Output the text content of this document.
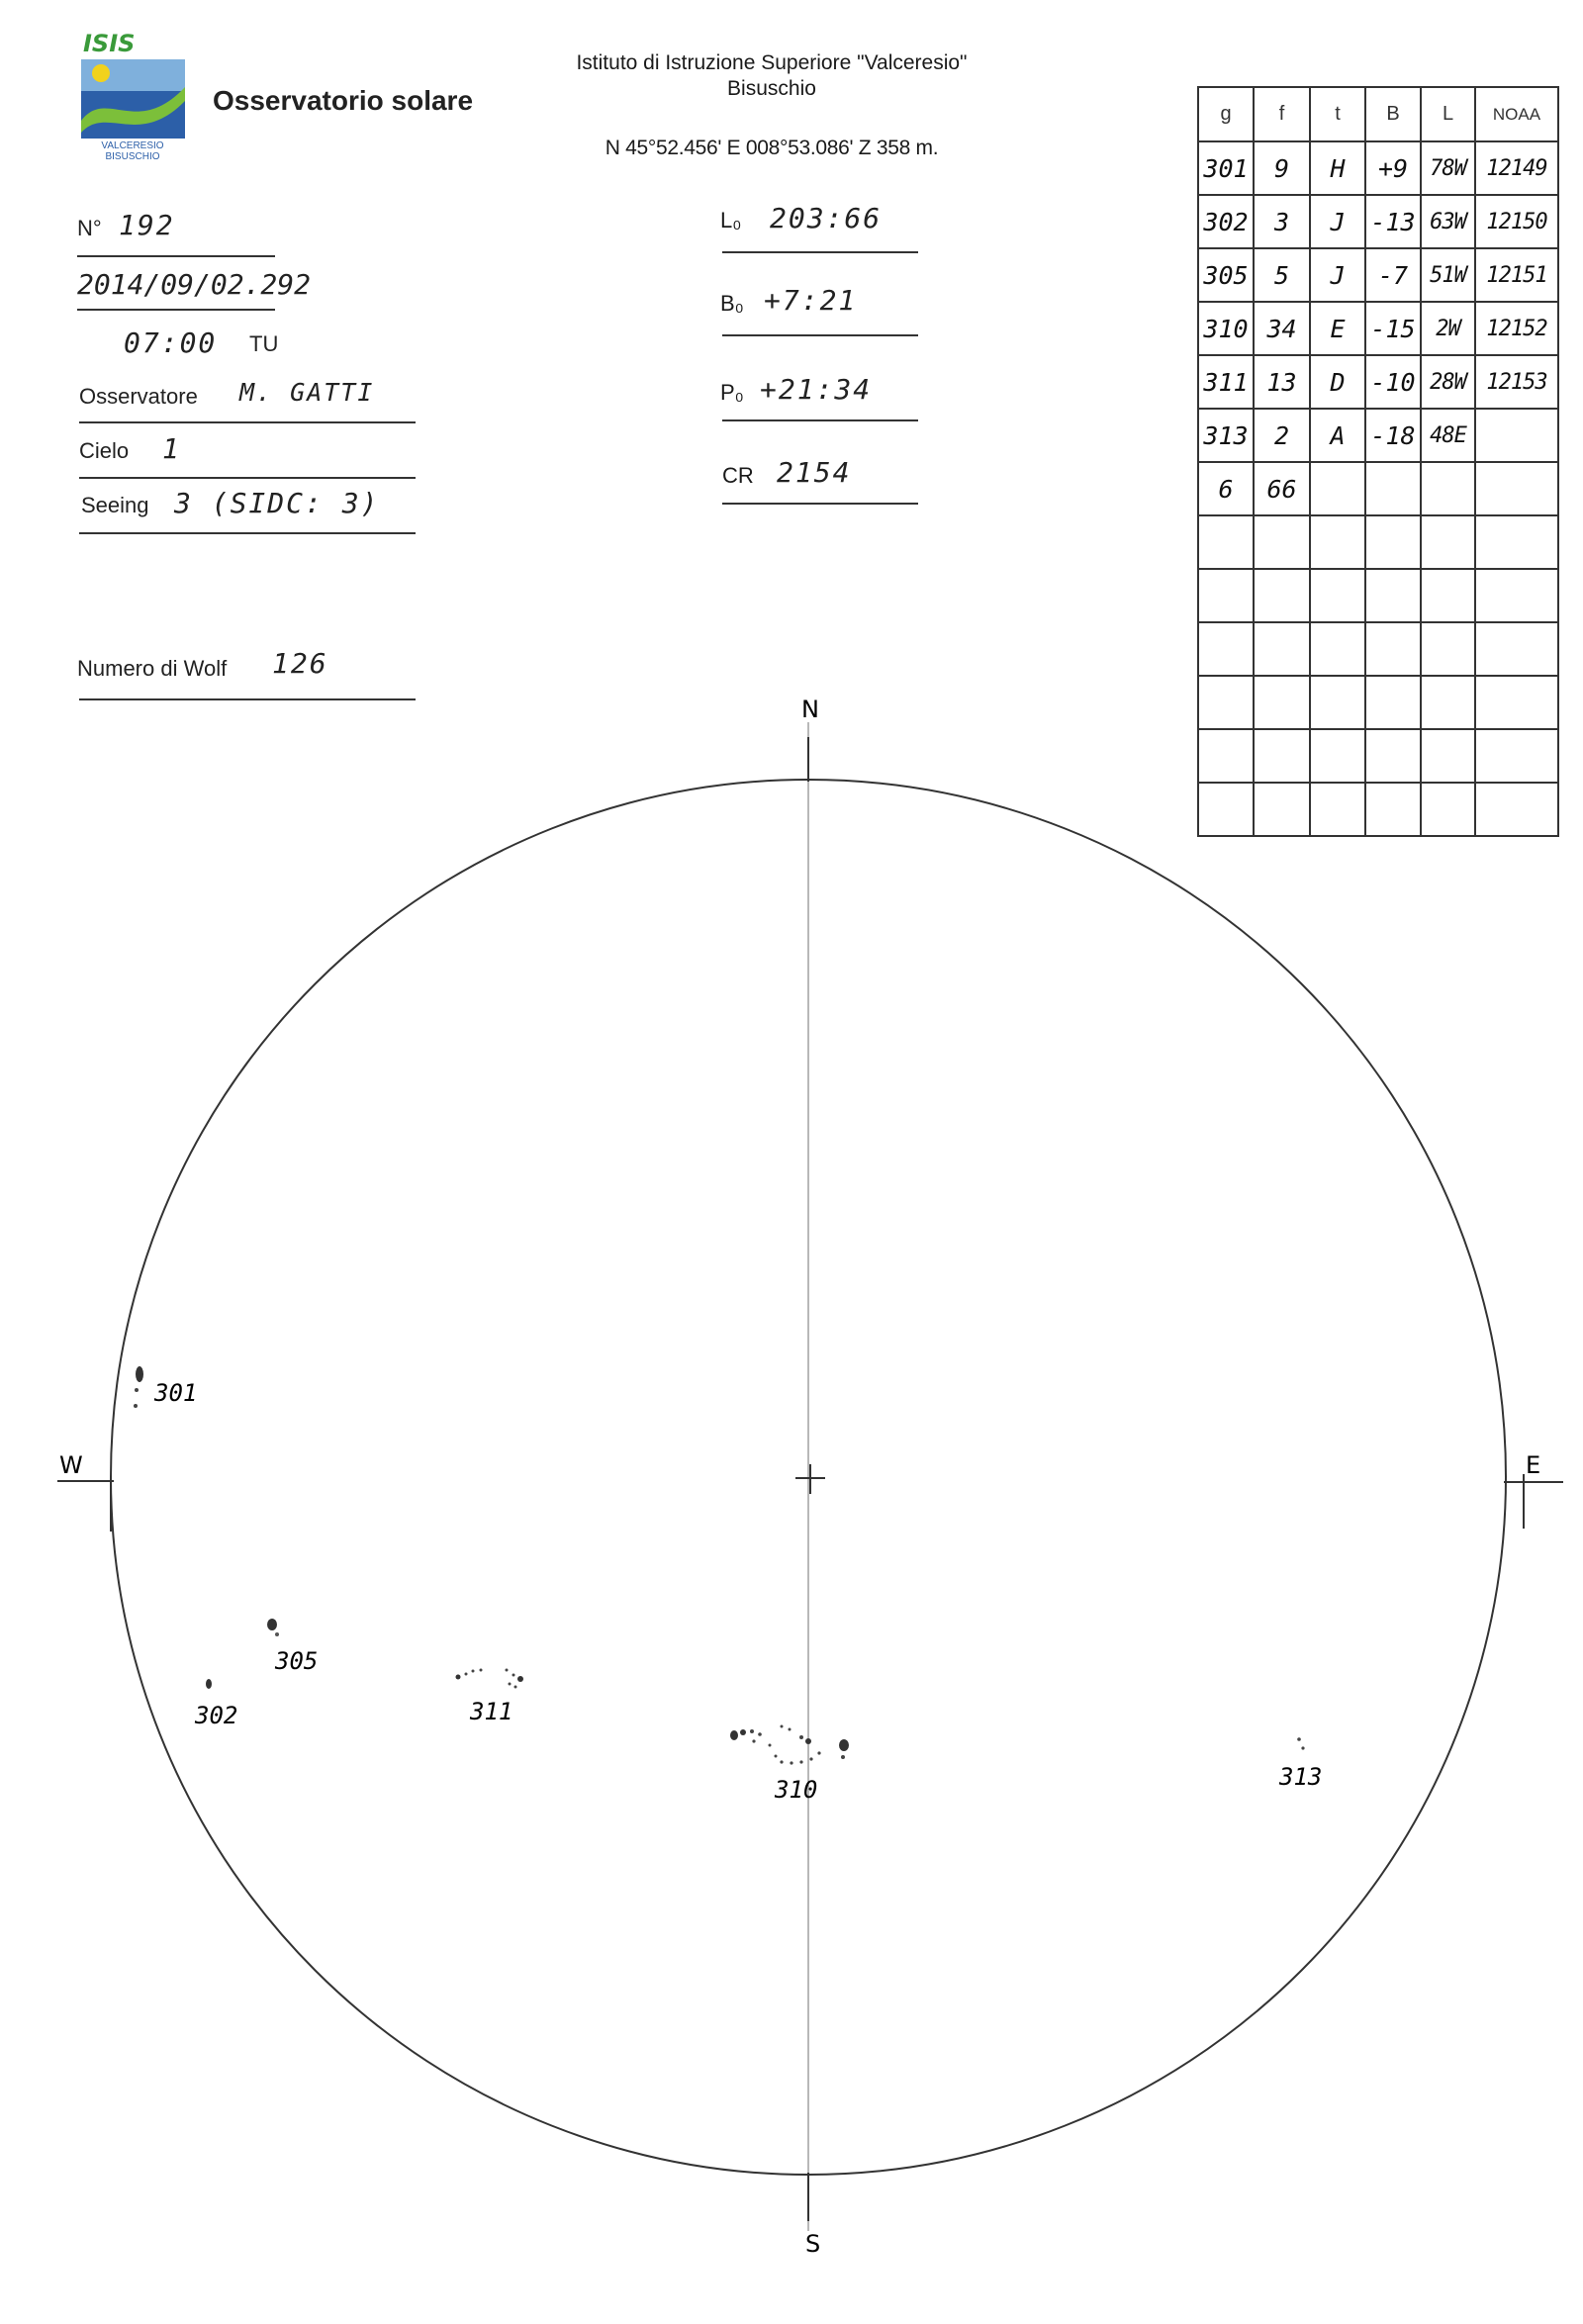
ISIS
VALCERESIO
BISUSCHIO
Osservatorio solare
Istituto di Istruzione Superiore "Valceresio"
Bisuschio
N 45°52.456' E 008°53.086' Z 358 m.
N° 192
2014/09/02.292
07:00 TU
Osservatore M. GATTI
Cielo 1
Seeing 3 (SIDC: 3)
Numero di Wolf 126
L₀ 203:66
B₀ +7:21
P₀ +21:34
CR 2154
g	f	t	B	L	NOAA
301	9	H	+9	78W	12149
302	3	J	-13	63W	12150
305	5	J	-7	51W	12151
310	34	E	-15	2W	12152
311	13	D	-10	28W	12153
313	2	A	-18	48E	
6	66				

N
S
W	E
301
302
305
311
310	313
